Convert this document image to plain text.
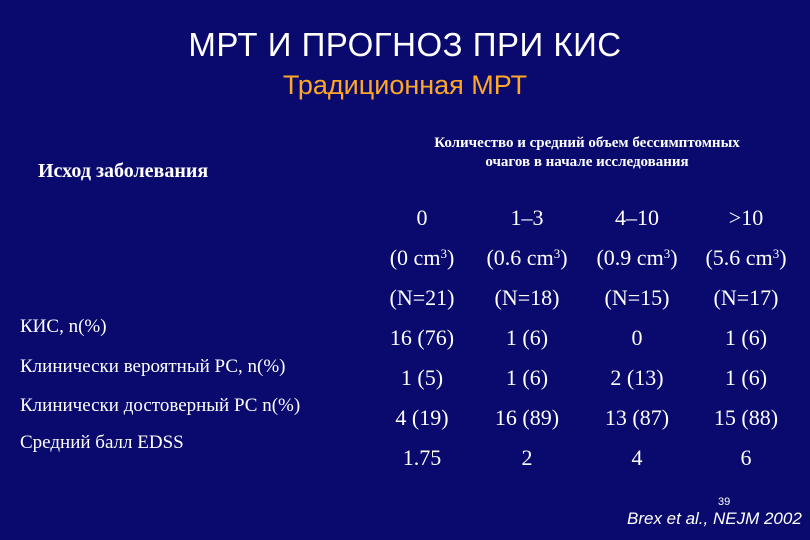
МРТ И ПРОГНОЗ ПРИ КИС
Традиционная МРТ
Исход заболевания
Количество и средний объем бессимптомных
очагов в начале исследования
КИС, n(%)
Клинически вероятный РС, n(%)
Клинически достоверный РС n(%)
Средний балл EDSS
0
(0 $cm^3$)
(N=21)
16 (76)
1 (5)
4 (19)
1.75
1–3
(0.6 $cm^3$)
(N=18)
1 (6)
1 (6)
16 (89)
2
4–10
(0.9 $cm^3$)
(N=15)
0
2 (13)
13 (87)
4
>10
(5.6 $cm^3$)
(N=17)
1 (6)
1 (6)
15 (88)
6
39
Brex et al., NEJM 2002
